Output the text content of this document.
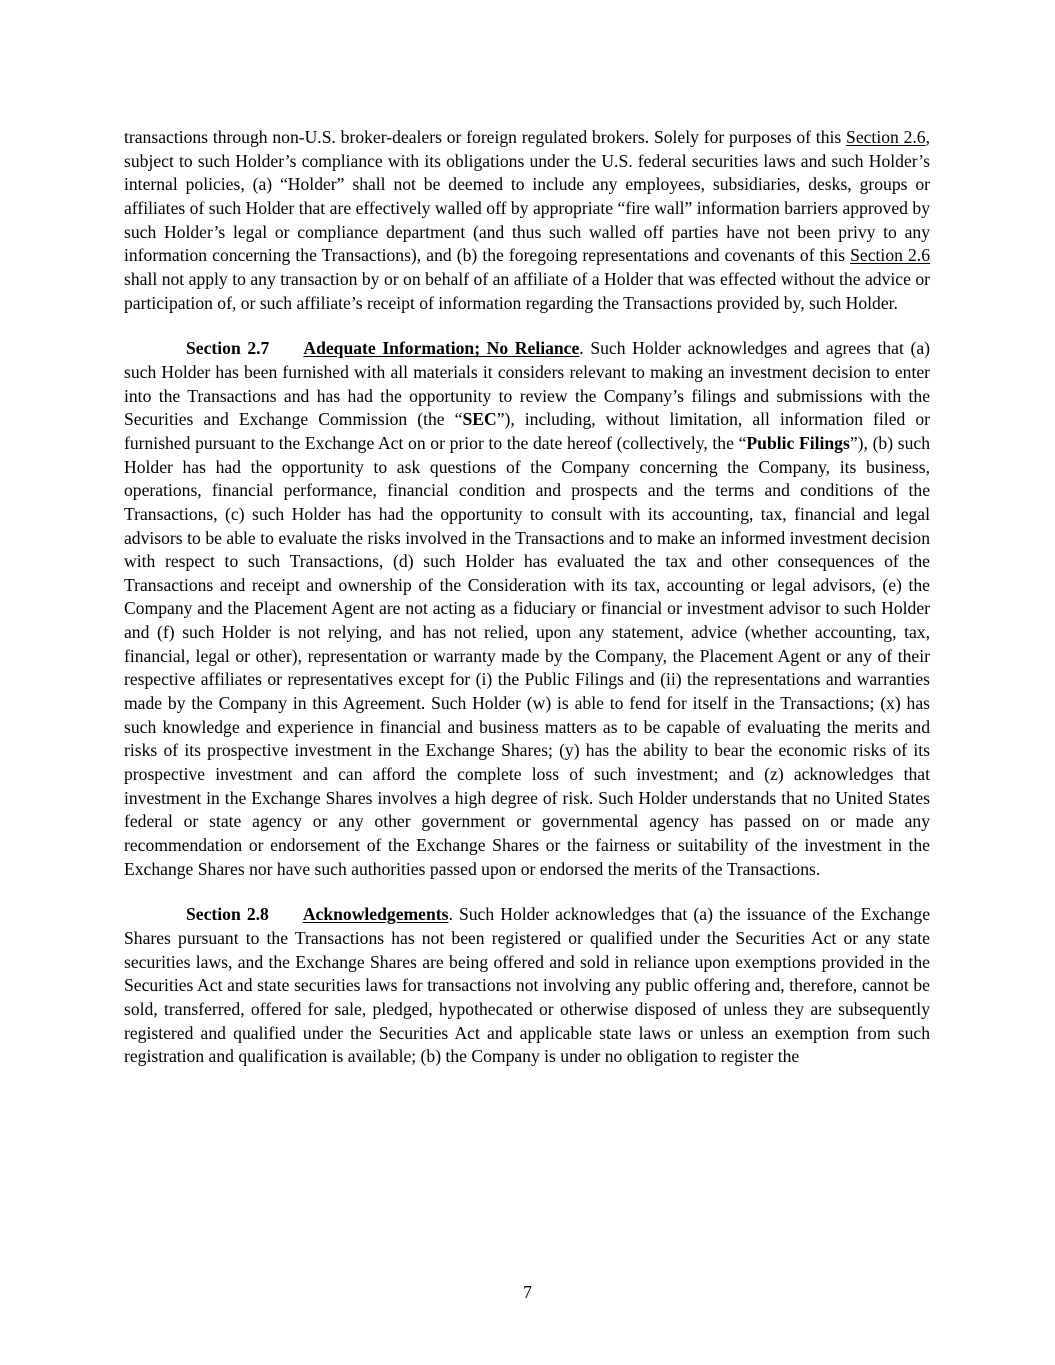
transactions through non-U.S. broker-dealers or foreign regulated brokers. Solely for purposes of this Section 2.6, subject to such Holder’s compliance with its obligations under the U.S. federal securities laws and such Holder’s internal policies, (a) “Holder” shall not be deemed to include any employees, subsidiaries, desks, groups or affiliates of such Holder that are effectively walled off by appropriate “fire wall” information barriers approved by such Holder’s legal or compliance department (and thus such walled off parties have not been privy to any information concerning the Transactions), and (b) the foregoing representations and covenants of this Section 2.6 shall not apply to any transaction by or on behalf of an affiliate of a Holder that was effected without the advice or participation of, or such affiliate’s receipt of information regarding the Transactions provided by, such Holder.

Section 2.7 Adequate Information; No Reliance. Such Holder acknowledges and agrees that (a) such Holder has been furnished with all materials it considers relevant to making an investment decision to enter into the Transactions and has had the opportunity to review the Company’s filings and submissions with the Securities and Exchange Commission (the “SEC”), including, without limitation, all information filed or furnished pursuant to the Exchange Act on or prior to the date hereof (collectively, the “Public Filings”), (b) such Holder has had the opportunity to ask questions of the Company concerning the Company, its business, operations, financial performance, financial condition and prospects and the terms and conditions of the Transactions, (c) such Holder has had the opportunity to consult with its accounting, tax, financial and legal advisors to be able to evaluate the risks involved in the Transactions and to make an informed investment decision with respect to such Transactions, (d) such Holder has evaluated the tax and other consequences of the Transactions and receipt and ownership of the Consideration with its tax, accounting or legal advisors, (e) the Company and the Placement Agent are not acting as a fiduciary or financial or investment advisor to such Holder and (f) such Holder is not relying, and has not relied, upon any statement, advice (whether accounting, tax, financial, legal or other), representation or warranty made by the Company, the Placement Agent or any of their respective affiliates or representatives except for (i) the Public Filings and (ii) the representations and warranties made by the Company in this Agreement. Such Holder (w) is able to fend for itself in the Transactions; (x) has such knowledge and experience in financial and business matters as to be capable of evaluating the merits and risks of its prospective investment in the Exchange Shares; (y) has the ability to bear the economic risks of its prospective investment and can afford the complete loss of such investment; and (z) acknowledges that investment in the Exchange Shares involves a high degree of risk. Such Holder understands that no United States federal or state agency or any other government or governmental agency has passed on or made any recommendation or endorsement of the Exchange Shares or the fairness or suitability of the investment in the Exchange Shares nor have such authorities passed upon or endorsed the merits of the Transactions.

Section 2.8 Acknowledgements. Such Holder acknowledges that (a) the issuance of the Exchange Shares pursuant to the Transactions has not been registered or qualified under the Securities Act or any state securities laws, and the Exchange Shares are being offered and sold in reliance upon exemptions provided in the Securities Act and state securities laws for transactions not involving any public offering and, therefore, cannot be sold, transferred, offered for sale, pledged, hypothecated or otherwise disposed of unless they are subsequently registered and qualified under the Securities Act and applicable state laws or unless an exemption from such registration and qualification is available; (b) the Company is under no obligation to register the

7
